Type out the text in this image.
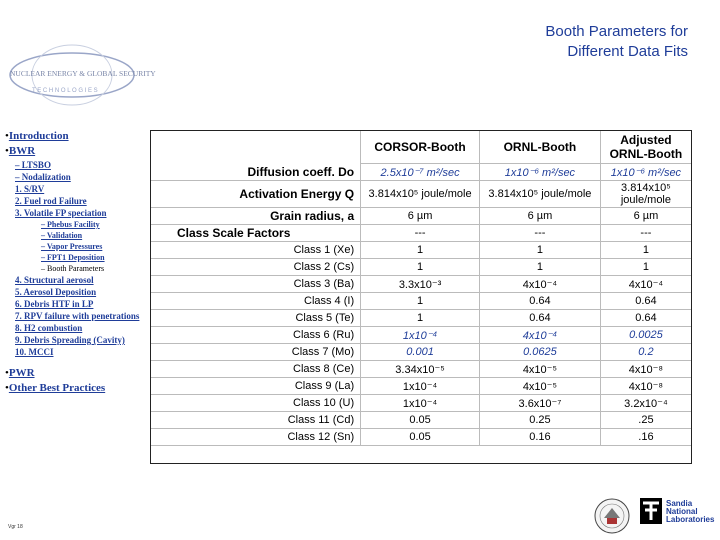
Booth Parameters for
Different Data Fits
NUCLEAR ENERGY & GLOBAL SECURITY
T E C H N O L O G I E S
•Introduction
•BWR
– LTSBO
– Nodalization
1. S/RV
2. Fuel rod Failure
3. Volatile FP speciation
– Phebus Facility
– Validation
– Vapor Pressures
– FPT1 Deposition
– Booth Parameters
4. Structural aerosol
5. Aerosol Deposition
6. Debris HTF in LP
7. RPV failure with penetrations
8. H2 combustion
9. Debris Spreading (Cavity)
10. MCCI
•PWR
•Other Best Practices
Vgr 18
	CORSOR-Booth	ORNL-Booth	Adjusted ORNL-Booth
Diffusion coeff. Do	2.5x10⁻⁷ m²/sec	1x10⁻⁶ m²/sec	1x10⁻⁶ m²/sec
Activation Energy Q	3.814x10⁵ joule/mole	3.814x10⁵ joule/mole	3.814x10⁵ joule/mole
Grain radius, a	6 µm	6 µm	6 µm
Class Scale Factors	---	---	---
Class 1 (Xe)	1	1	1
Class 2 (Cs)	1	1	1
Class 3 (Ba)	3.3x10⁻³	4x10⁻⁴	4x10⁻⁴
Class 4 (I)	1	0.64	0.64
Class 5 (Te)	1	0.64	0.64
Class 6 (Ru)	1x10⁻⁴	4x10⁻⁴	0.0025
Class 7 (Mo)	0.001	0.0625	0.2
Class 8 (Ce)	3.34x10⁻⁵	4x10⁻⁵	4x10⁻⁸
Class 9 (La)	1x10⁻⁴	4x10⁻⁵	4x10⁻⁸
Class 10 (U)	1x10⁻⁴	3.6x10⁻⁷	3.2x10⁻⁴
Class 11 (Cd)	0.05	0.25	.25
Class 12 (Sn)	0.05	0.16	.16
Sandia
National
Laboratories
